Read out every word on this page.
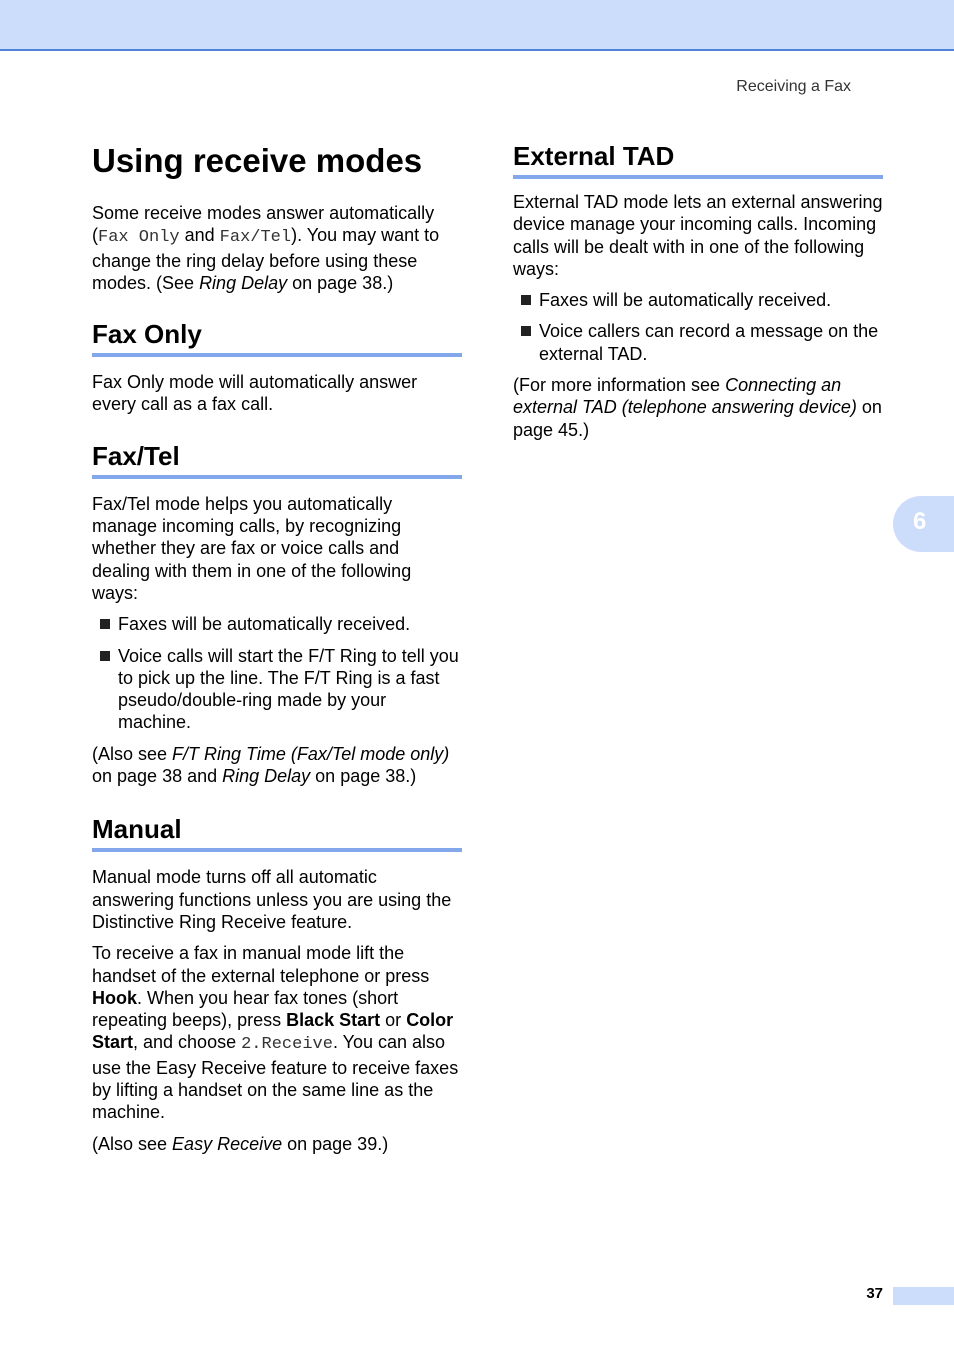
Receiving a Fax
Using receive modes

Some receive modes answer automatically (Fax Only and Fax/Tel). You may want to change the ring delay before using these modes. (See Ring Delay on page 38.)

Fax Only

Fax Only mode will automatically answer every call as a fax call.

Fax/Tel

Fax/Tel mode helps you automatically manage incoming calls, by recognizing whether they are fax or voice calls and dealing with them in one of the following ways:

Faxes will be automatically received.
Voice calls will start the F/T Ring to tell you to pick up the line. The F/T Ring is a fast pseudo/double-ring made by your machine.

(Also see F/T Ring Time (Fax/Tel mode only) on page 38 and Ring Delay on page 38.)

Manual

Manual mode turns off all automatic answering functions unless you are using the Distinctive Ring Receive feature.

To receive a fax in manual mode lift the handset of the external telephone or press Hook. When you hear fax tones (short repeating beeps), press Black Start or Color Start, and choose 2.Receive. You can also use the Easy Receive feature to receive faxes by lifting a handset on the same line as the machine.

(Also see Easy Receive on page 39.)

External TAD

External TAD mode lets an external answering device manage your incoming calls. Incoming calls will be dealt with in one of the following ways:

Faxes will be automatically received.
Voice callers can record a message on the external TAD.

(For more information see Connecting an external TAD (telephone answering device) on page 45.)

6
37
